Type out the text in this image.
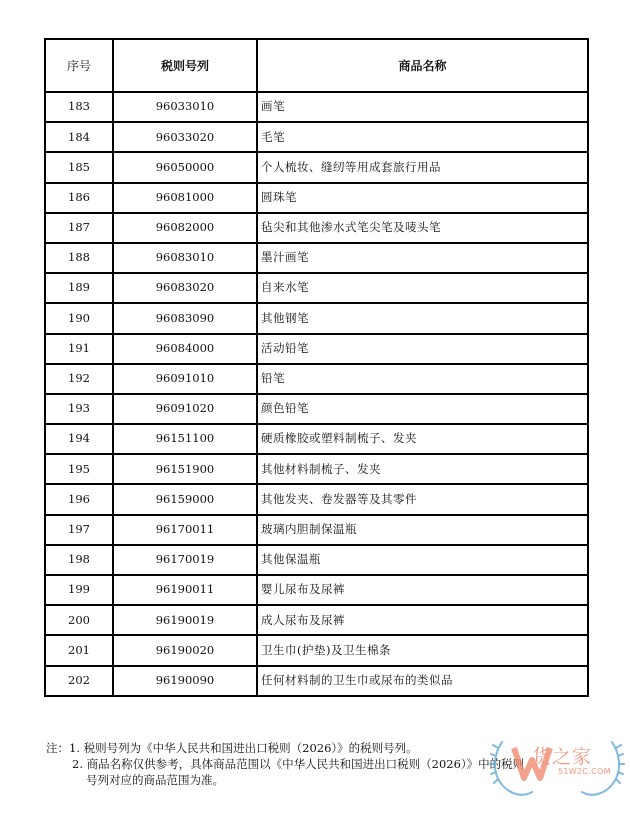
序号	税则号列	商品名称
183	96033010	画笔
184	96033020	毛笔
185	96050000	个人梳妆、缝纫等用成套旅行用品
186	96081000	圆珠笔
187	96082000	毡尖和其他渗水式笔尖笔及唛头笔
188	96083010	墨汁画笔
189	96083020	自来水笔
190	96083090	其他钢笔
191	96084000	活动铅笔
192	96091010	铅笔
193	96091020	颜色铅笔
194	96151100	硬质橡胶或塑料制梳子、发夹
195	96151900	其他材料制梳子、发夹
196	96159000	其他发夹、卷发器等及其零件
197	96170011	玻璃内胆制保温瓶
198	96170019	其他保温瓶
199	96190011	婴儿尿布及尿裤
200	96190019	成人尿布及尿裤
201	96190020	卫生巾(护垫)及卫生棉条
202	96190090	任何材料制的卫生巾或尿布的类似品
注：1. 税则号列为《中华人民共和国进出口税则（2026）》的税则号列。
2. 商品名称仅供参考，具体商品范围以《中华人民共和国进出口税则（2026）》中的税则
号列对应的商品范围为准。
货之家
51W2C.COM
